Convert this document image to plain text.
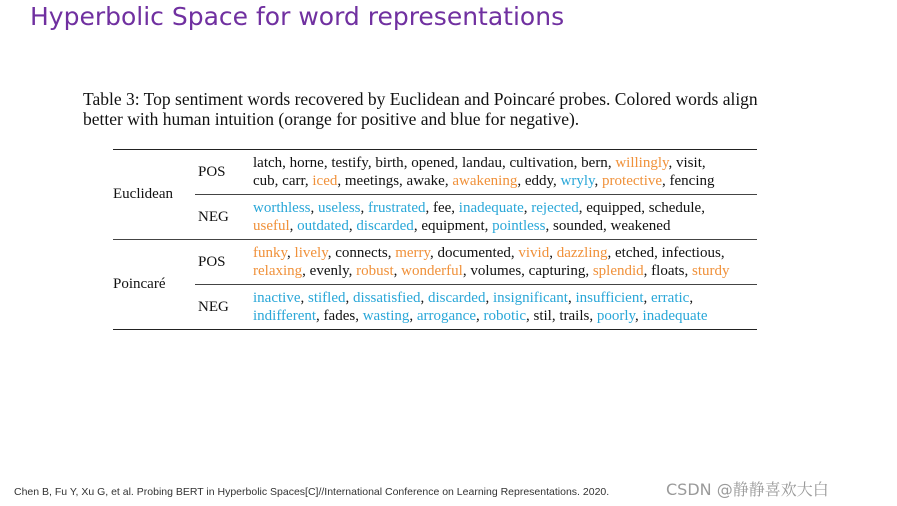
Hyperbolic Space for word representations
Table 3: Top sentiment words recovered by Euclidean and Poincaré probes. Colored words align
better with human intuition (orange for positive and blue for negative).
Euclidean
POS
latch, horne, testify, birth, opened, landau, cultivation, bern, willingly, visit,
cub, carr, iced, meetings, awake, awakening, eddy, wryly, protective, fencing
NEG
worthless, useless, frustrated, fee, inadequate, rejected, equipped, schedule,
useful, outdated, discarded, equipment, pointless, sounded, weakened
Poincaré
POS
funky, lively, connects, merry, documented, vivid, dazzling, etched, infectious,
relaxing, evenly, robust, wonderful, volumes, capturing, splendid, floats, sturdy
NEG
inactive, stifled, dissatisfied, discarded, insignificant, insufficient, erratic,
indifferent, fades, wasting, arrogance, robotic, stil, trails, poorly, inadequate
Chen B, Fu Y, Xu G, et al. Probing BERT in Hyperbolic Spaces[C]//International Conference on Learning Representations. 2020.	CSDN @静静喜欢大白
